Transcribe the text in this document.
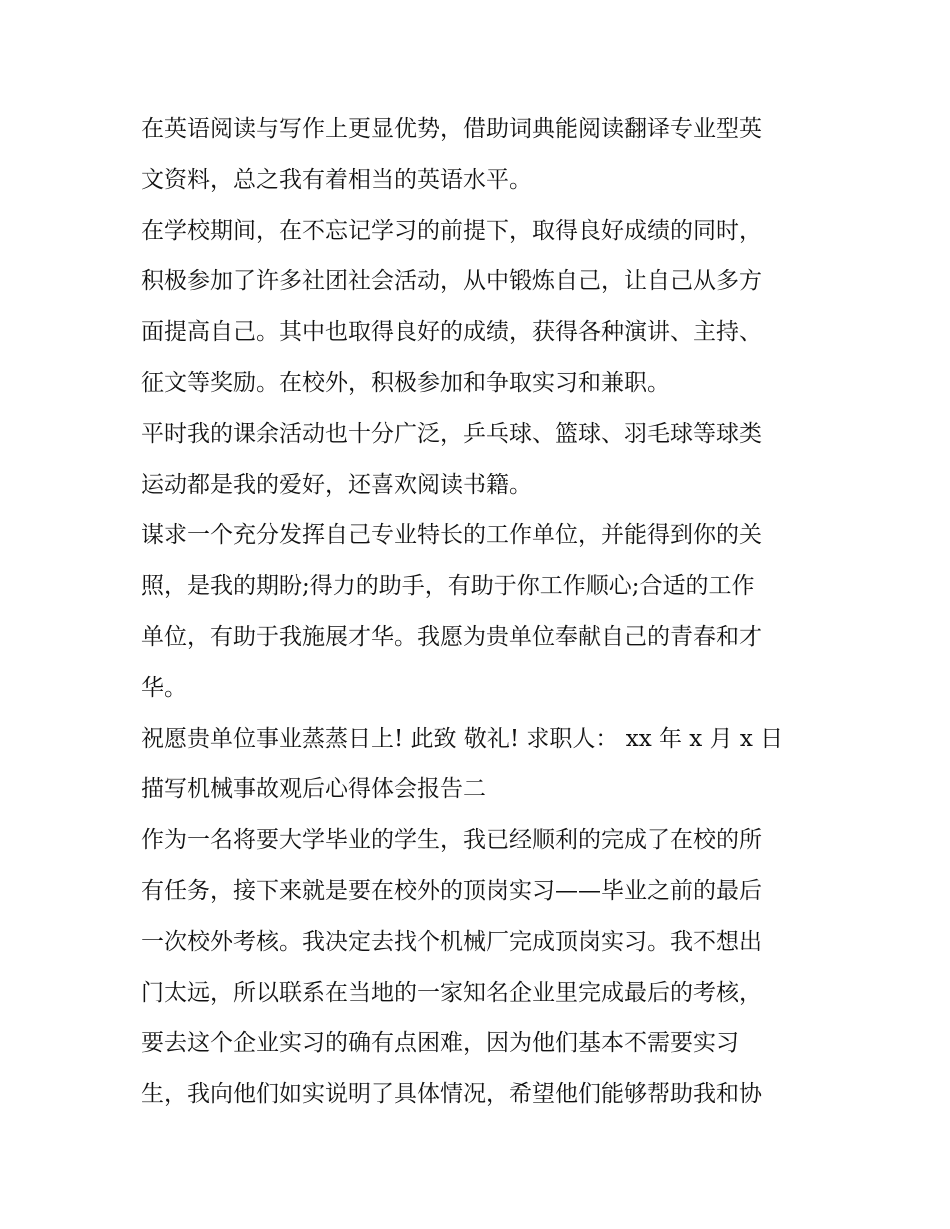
在英语阅读与写作上更显优势，借助词典能阅读翻译专业型英
文资料，总之我有着相当的英语水平。
在学校期间，在不忘记学习的前提下，取得良好成绩的同时，
积极参加了许多社团社会活动，从中锻炼自己，让自己从多方
面提高自己。其中也取得良好的成绩，获得各种演讲、主持、
征文等奖励。在校外，积极参加和争取实习和兼职。
平时我的课余活动也十分广泛，乒乓球、篮球、羽毛球等球类
运动都是我的爱好，还喜欢阅读书籍。
谋求一个充分发挥自己专业特长的工作单位，并能得到你的关
照，是我的期盼;得力的助手，有助于你工作顺心;合适的工作
单位，有助于我施展才华。我愿为贵单位奉献自己的青春和才
华。
祝愿贵单位事业蒸蒸日上! 此致 敬礼! 求职人： xx 年 x 月 x 日
描写机械事故观后心得体会报告二
作为一名将要大学毕业的学生，我已经顺利的完成了在校的所
有任务，接下来就是要在校外的顶岗实习——毕业之前的最后
一次校外考核。我决定去找个机械厂完成顶岗实习。我不想出
门太远，所以联系在当地的一家知名企业里完成最后的考核，
要去这个企业实习的确有点困难，因为他们基本不需要实习
生，我向他们如实说明了具体情况，希望他们能够帮助我和协
